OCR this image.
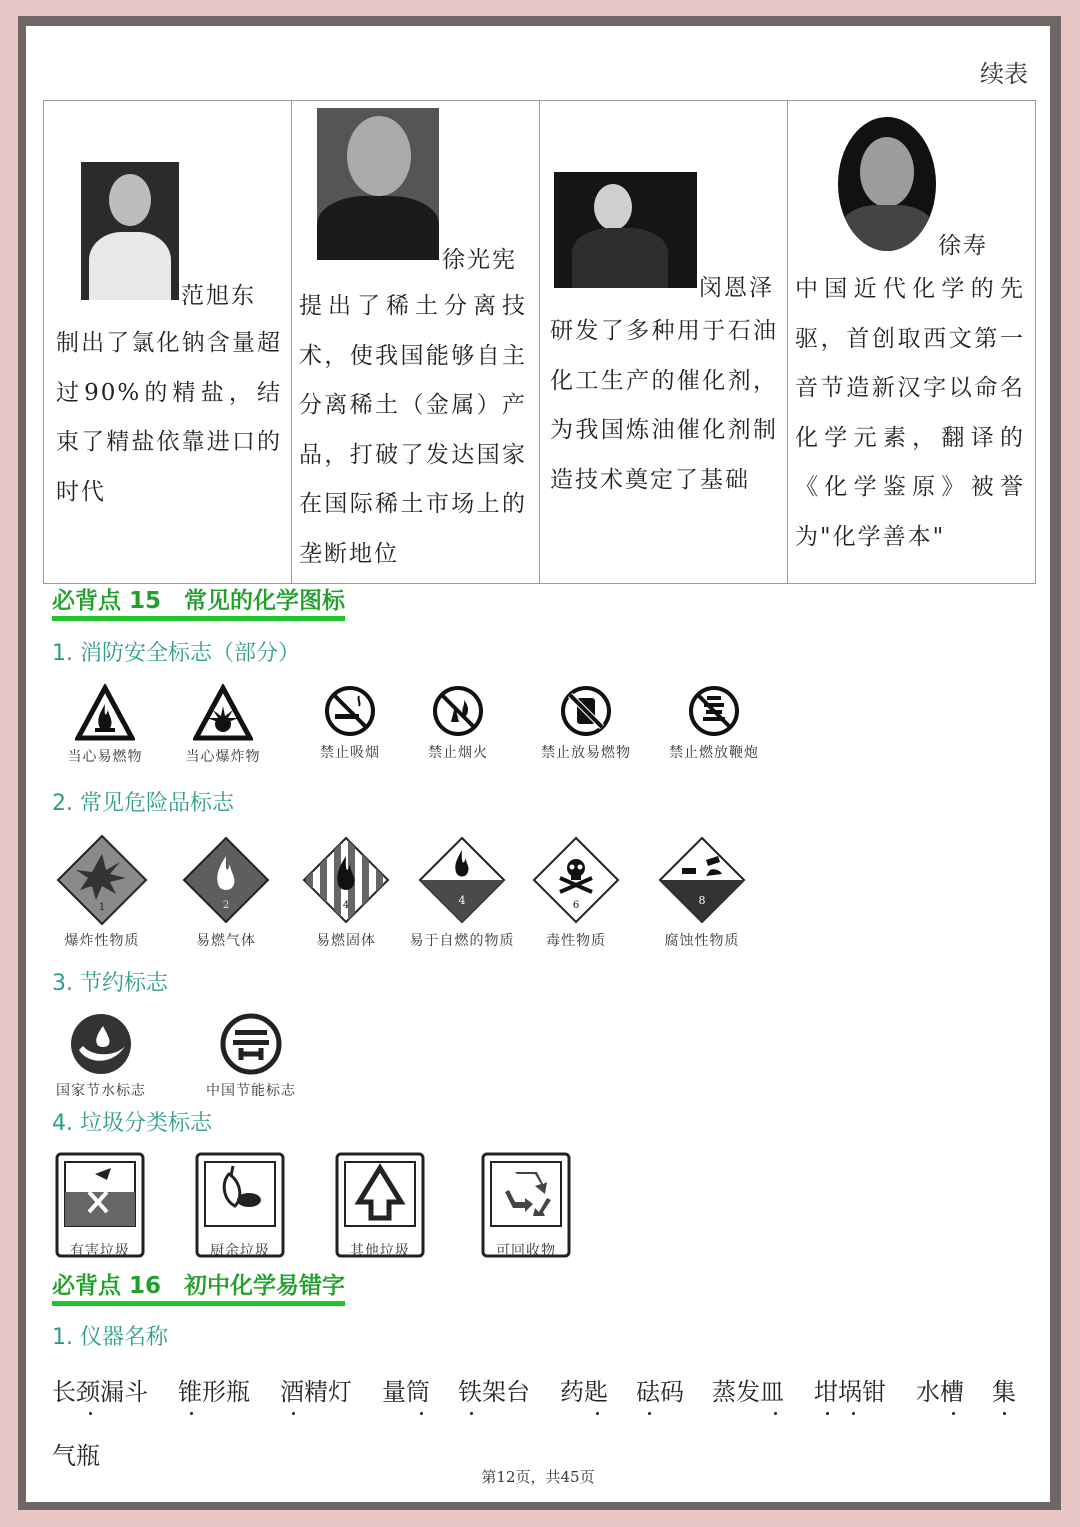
续表
范旭东
制出了氯化钠含量超过90%的精盐，结束了精盐依靠进口的时代

徐光宪
提出了稀土分离技术，使我国能够自主分离稀土（金属）产品，打破了发达国家在国际稀土市场上的垄断地位

闵恩泽
研发了多种用于石油化工生产的催化剂，为我国炼油催化剂制造技术奠定了基础

徐寿
中国近代化学的先驱，首创取西文第一音节造新汉字以命名化学元素，翻译的《化学鉴原》被誉为"化学善本"
必背点 15　常见的化学图标
1. 消防安全标志（部分）
当心易燃物	当心爆炸物	禁止吸烟	禁止烟火	禁止放易燃物	禁止燃放鞭炮
2. 常见危险品标志
1
爆炸性物质
2
易燃气体
4
易燃固体
4
易于自燃的物质
6
毒性物质
8
腐蚀性物质
3. 节约标志
国家节水标志	中国节能标志
4. 垃圾分类标志
有害垃圾	厨余垃圾	其他垃圾	可回收物
必背点 16　初中化学易错字
1. 仪器名称
长颈漏斗 锥形瓶 酒精灯 量筒 铁架台 药匙 砝码 蒸发皿 坩埚钳 水槽 集
气瓶
第12页，共45页
